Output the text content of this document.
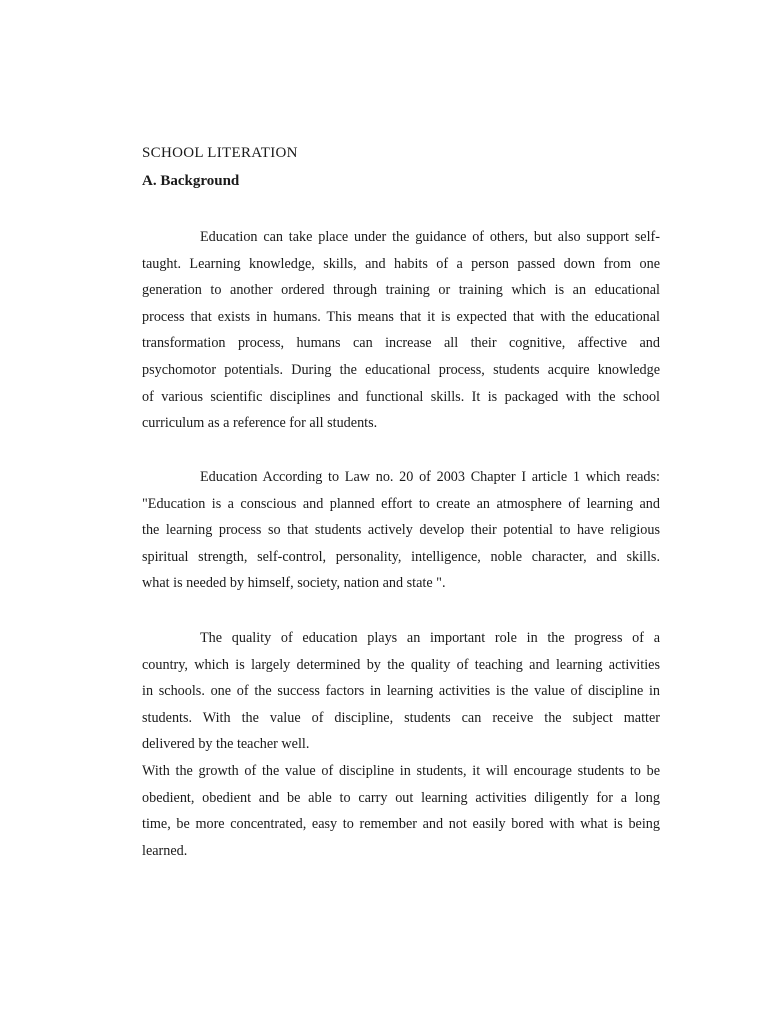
SCHOOL LITERATION
A. Background
Education can take place under the guidance of others, but also support self-
taught. Learning knowledge, skills, and habits of a person passed down from one
generation to another ordered through training or training which is an educational
process that exists in humans. This means that it is expected that with the educational
transformation process, humans can increase all their cognitive, affective and
psychomotor potentials. During the educational process, students acquire knowledge
of various scientific disciplines and functional skills. It is packaged with the school
curriculum as a reference for all students.
Education According to Law no. 20 of 2003 Chapter I article 1 which reads:
"Education is a conscious and planned effort to create an atmosphere of learning and
the learning process so that students actively develop their potential to have religious
spiritual strength, self-control, personality, intelligence, noble character, and skills.
what is needed by himself, society, nation and state ".
The quality of education plays an important role in the progress of a
country, which is largely determined by the quality of teaching and learning activities
in schools. one of the success factors in learning activities is the value of discipline in
students. With the value of discipline, students can receive the subject matter
delivered by the teacher well.
With the growth of the value of discipline in students, it will encourage students to be
obedient, obedient and be able to carry out learning activities diligently for a long
time, be more concentrated, easy to remember and not easily bored with what is being
learned.
